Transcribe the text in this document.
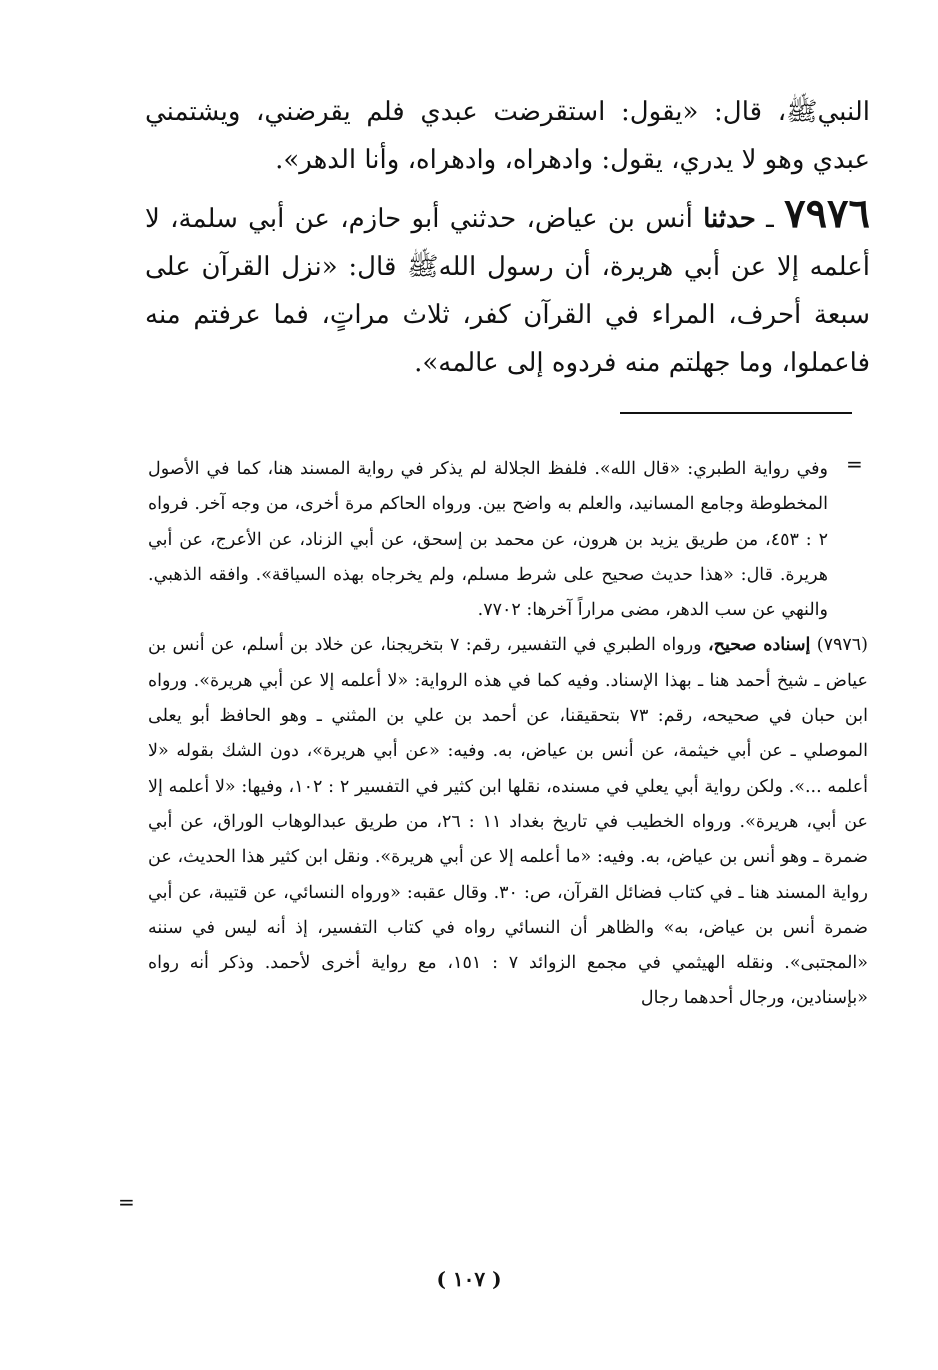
النبيﷺ، قال: «يقول: استقرضت عبدي فلم يقرضني، ويشتمني عبدي وهو لا يدري، يقول: وادهراه، وادهراه، وأنا الدهر».

٧٩٧٦ ـ حدثنا أنس بن عياض، حدثني أبو حازم، عن أبي سلمة، لا أعلمه إلا عن أبي هريرة، أن رسول اللهﷺ قال: «نزل القرآن على سبعة أحرف، المراء في القرآن كفر، ثلاث مراتٍ، فما عرفتم منه فاعملوا، وما جهلتم منه فردوه إلى عالمه».

=

وفي رواية الطبري: «قال الله». فلفظ الجلالة لم يذكر في رواية المسند هنا، كما في الأصول المخطوطة وجامع المسانيد، والعلم به واضح بين. ورواه الحاكم مرة أخرى، من وجه آخر. فرواه ٢ : ٤٥٣، من طريق يزيد بن هرون، عن محمد بن إسحق، عن أبي الزناد، عن الأعرج، عن أبي هريرة. قال: «هذا حديث صحيح على شرط مسلم، ولم يخرجاه بهذه السياقة». وافقه الذهبي. والنهي عن سب الدهر، مضى مراراً آخرها: ٧٧٠٢.

(٧٩٧٦) إسناده صحيح، ورواه الطبري في التفسير، رقم: ٧ بتخريجنا، عن خلاد بن أسلم، عن أنس بن عياض ـ شيخ أحمد هنا ـ بهذا الإسناد. وفيه كما في هذه الرواية: «لا أعلمه إلا عن أبي هريرة». ورواه ابن حبان في صحيحه، رقم: ٧٣ بتحقيقنا، عن أحمد بن علي بن المثني ـ وهو الحافظ أبو يعلى الموصلي ـ عن أبي خيثمة، عن أنس بن عياض، به. وفيه: «عن أبي هريرة»، دون الشك بقوله «لا أعلمه ...». ولكن رواية أبي يعلي في مسنده، نقلها ابن كثير في التفسير ٢ : ١٠٢، وفيها: «لا أعلمه إلا عن أبي، هريرة». ورواه الخطيب في تاريخ بغداد ١١ : ٢٦، من طريق عبدالوهاب الوراق، عن أبي ضمرة ـ وهو أنس بن عياض، به. وفيه: «ما أعلمه إلا عن أبي هريرة». ونقل ابن كثير هذا الحديث، عن رواية المسند هنا ـ في كتاب فضائل القرآن، ص: ٣٠. وقال عقبه: «ورواه النسائي، عن قتيبة، عن أبي ضمرة أنس بن عياض، به» والظاهر أن النسائي رواه في كتاب التفسير، إذ أنه ليس في سننه «المجتبى». ونقله الهيثمي في مجمع الزوائد ٧ : ١٥١، مع رواية أخرى لأحمد. وذكر أنه رواه «بإسنادين، ورجال أحدهما رجال

=
( ١٠٧ )
